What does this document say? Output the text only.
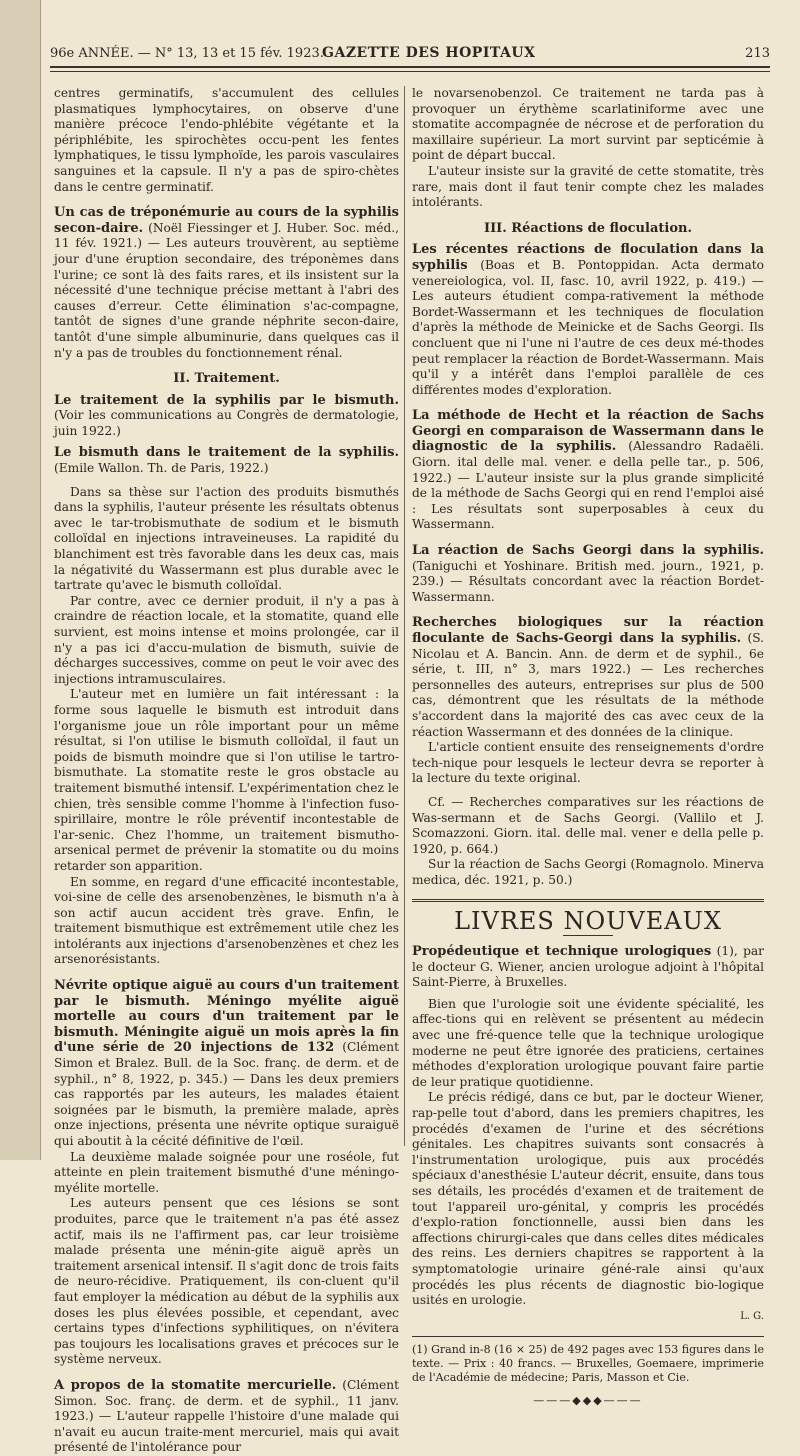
96e ANNÉE. — N° 13, 13 et 15 fév. 1923.
GAZETTE DES HOPITAUX	213

centres germinatifs, s'accumulent des cellules plasmatiques lymphocytaires, on observe d'une manière précoce l'endo-phlébite végétante et la périphlébite, les spirochètes occu-pent les fentes lymphatiques, le tissu lymphoïde, les parois vasculaires sanguines et la capsule. Il n'y a pas de spiro-chètes dans le centre germinatif.

Un cas de tréponémurie au cours de la syphilis secon-daire. (Noël Fiessinger et J. Huber. Soc. méd., 11 fév. 1921.) — Les auteurs trouvèrent, au septième jour d'une éruption secondaire, des tréponèmes dans l'urine; ce sont là des faits rares, et ils insistent sur la nécessité d'une technique précise mettant à l'abri des causes d'erreur. Cette élimination s'ac-compagne, tantôt de signes d'une grande néphrite secon-daire, tantôt d'une simple albuminurie, dans quelques cas il n'y a pas de troubles du fonctionnement rénal.

II. Traitement.

Le traitement de la syphilis par le bismuth. (Voir les communications au Congrès de dermatologie, juin 1922.)

Le bismuth dans le traitement de la syphilis. (Emile Wallon. Th. de Paris, 1922.)

Dans sa thèse sur l'action des produits bismuthés dans la syphilis, l'auteur présente les résultats obtenus avec le tar-trobismuthate de sodium et le bismuth colloïdal en injections intraveineuses. La rapidité du blanchiment est très favorable dans les deux cas, mais la négativité du Wassermann est plus durable avec le tartrate qu'avec le bismuth colloïdal.

Par contre, avec ce dernier produit, il n'y a pas à craindre de réaction locale, et la stomatite, quand elle survient, est moins intense et moins prolongée, car il n'y a pas ici d'accu-mulation de bismuth, suivie de décharges successives, comme on peut le voir avec des injections intramusculaires.

L'auteur met en lumière un fait intéressant : la forme sous laquelle le bismuth est introduit dans l'organisme joue un rôle important pour un même résultat, si l'on utilise le bismuth colloïdal, il faut un poids de bismuth moindre que si l'on utilise le tartro-bismuthate. La stomatite reste le gros obstacle au traitement bismuthé intensif. L'expérimentation chez le chien, très sensible comme l'homme à l'infection fuso-spirillaire, montre le rôle préventif incontestable de l'ar-senic. Chez l'homme, un traitement bismutho-arsenical permet de prévenir la stomatite ou du moins retarder son apparition.

En somme, en regard d'une efficacité incontestable, voi-sine de celle des arsenobenzènes, le bismuth n'a à son actif aucun accident très grave. Enfin, le traitement bismuthique est extrêmement utile chez les intolérants aux injections d'arsenobenzènes et chez les arsenorésistants.

Névrite optique aiguë au cours d'un traitement par le bismuth. Méningo myélite aiguë mortelle au cours d'un traitement par le bismuth. Méningite aiguë un mois après la fin d'une série de 20 injections de 132 (Clément Simon et Bralez. Bull. de la Soc. franç. de derm. et de syphil., n° 8, 1922, p. 345.) — Dans les deux premiers cas rapportés par les auteurs, les malades étaient soignées par le bismuth, la première malade, après onze injections, présenta une névrite optique suraiguë qui aboutit à la cécité définitive de l'œil.

La deuxième malade soignée pour une roséole, fut atteinte en plein traitement bismuthé d'une méningo-myélite mortelle.

Les auteurs pensent que ces lésions se sont produites, parce que le traitement n'a pas été assez actif, mais ils ne l'affirment pas, car leur troisième malade présenta une ménin-gite aiguë après un traitement arsenical intensif. Il s'agit donc de trois faits de neuro-récidive. Pratiquement, ils con-cluent qu'il faut employer la médication au début de la syphilis aux doses les plus élevées possible, et cependant, avec certains types d'infections syphilitiques, on n'évitera pas toujours les localisations graves et précoces sur le système nerveux.

A propos de la stomatite mercurielle. (Clément Simon. Soc. franç. de derm. et de syphil., 11 janv. 1923.) — L'auteur rappelle l'histoire d'une malade qui n'avait eu aucun traite-ment mercuriel, mais qui avait présenté de l'intolérance pour

le novarsenobenzol. Ce traitement ne tarda pas à provoquer un érythème scarlatiniforme avec une stomatite accompagnée de nécrose et de perforation du maxillaire supérieur. La mort survint par septicémie à point de départ buccal.

L'auteur insiste sur la gravité de cette stomatite, très rare, mais dont il faut tenir compte chez les malades intolérants.

III. Réactions de floculation.

Les récentes réactions de floculation dans la syphilis (Boas et B. Pontoppidan. Acta dermato venereiologica, vol. II, fasc. 10, avril 1922, p. 419.) — Les auteurs étudient compa-rativement la méthode Bordet-Wassermann et les techniques de floculation d'après la méthode de Meinicke et de Sachs Georgi. Ils concluent que ni l'une ni l'autre de ces deux mé-thodes peut remplacer la réaction de Bordet-Wassermann. Mais qu'il y a intérêt dans l'emploi parallèle de ces différentes modes d'exploration.

La méthode de Hecht et la réaction de Sachs Georgi en comparaison de Wassermann dans le diagnostic de la syphilis. (Alessandro Radaëli. Giorn. ital delle mal. vener. e della pelle tar., p. 506, 1922.) — L'auteur insiste sur la plus grande simplicité de la méthode de Sachs Georgi qui en rend l'emploi aisé : Les résultats sont superposables à ceux du Wassermann.

La réaction de Sachs Georgi dans la syphilis. (Taniguchi et Yoshinare. British med. journ., 1921, p. 239.) — Résultats concordant avec la réaction Bordet-Wassermann.

Recherches biologiques sur la réaction floculante de Sachs-Georgi dans la syphilis. (S. Nicolau et A. Bancin. Ann. de derm et de syphil., 6e série, t. III, n° 3, mars 1922.) — Les recherches personnelles des auteurs, entreprises sur plus de 500 cas, démontrent que les résultats de la méthode s'accordent dans la majorité des cas avec ceux de la réaction Wassermann et des données de la clinique.

L'article contient ensuite des renseignements d'ordre tech-nique pour lesquels le lecteur devra se reporter à la lecture du texte original.

Cf. — Recherches comparatives sur les réactions de Was-sermann et de Sachs Georgi. (Vallilo et J. Scomazzoni. Giorn. ital. delle mal. vener e della pelle p. 1920, p. 664.)

Sur la réaction de Sachs Georgi (Romagnolo. Minerva medica, déc. 1921, p. 50.)

LIVRES NOUVEAUX

Propédeutique et technique urologiques (1), par le docteur G. Wiener, ancien urologue adjoint à l'hôpital Saint-Pierre, à Bruxelles.

Bien que l'urologie soit une évidente spécialité, les affec-tions qui en relèvent se présentent au médecin avec une fré-quence telle que la technique urologique moderne ne peut être ignorée des praticiens, certaines méthodes d'exploration urologique pouvant faire partie de leur pratique quotidienne.

Le précis rédigé, dans ce but, par le docteur Wiener, rap-pelle tout d'abord, dans les premiers chapitres, les procédés d'examen de l'urine et des sécrétions génitales. Les chapitres suivants sont consacrés à l'instrumentation urologique, puis aux procédés spéciaux d'anesthésie L'auteur décrit, ensuite, dans tous ses détails, les procédés d'examen et de traitement de tout l'appareil uro-génital, y compris les procédés d'explo-ration fonctionnelle, aussi bien dans les affections chirurgi-cales que dans celles dites médicales des reins. Les derniers chapitres se rapportent à la symptomatologie urinaire géné-rale ainsi qu'aux procédés les plus récents de diagnostic bio-logique usités en urologie.

L. G.
(1) Grand in-8 (16 × 25) de 492 pages avec 153 figures dans le texte. — Prix : 40 francs. — Bruxelles, Goemaere, imprimerie de l'Académie de médecine; Paris, Masson et Cie.
———◆◆◆———
